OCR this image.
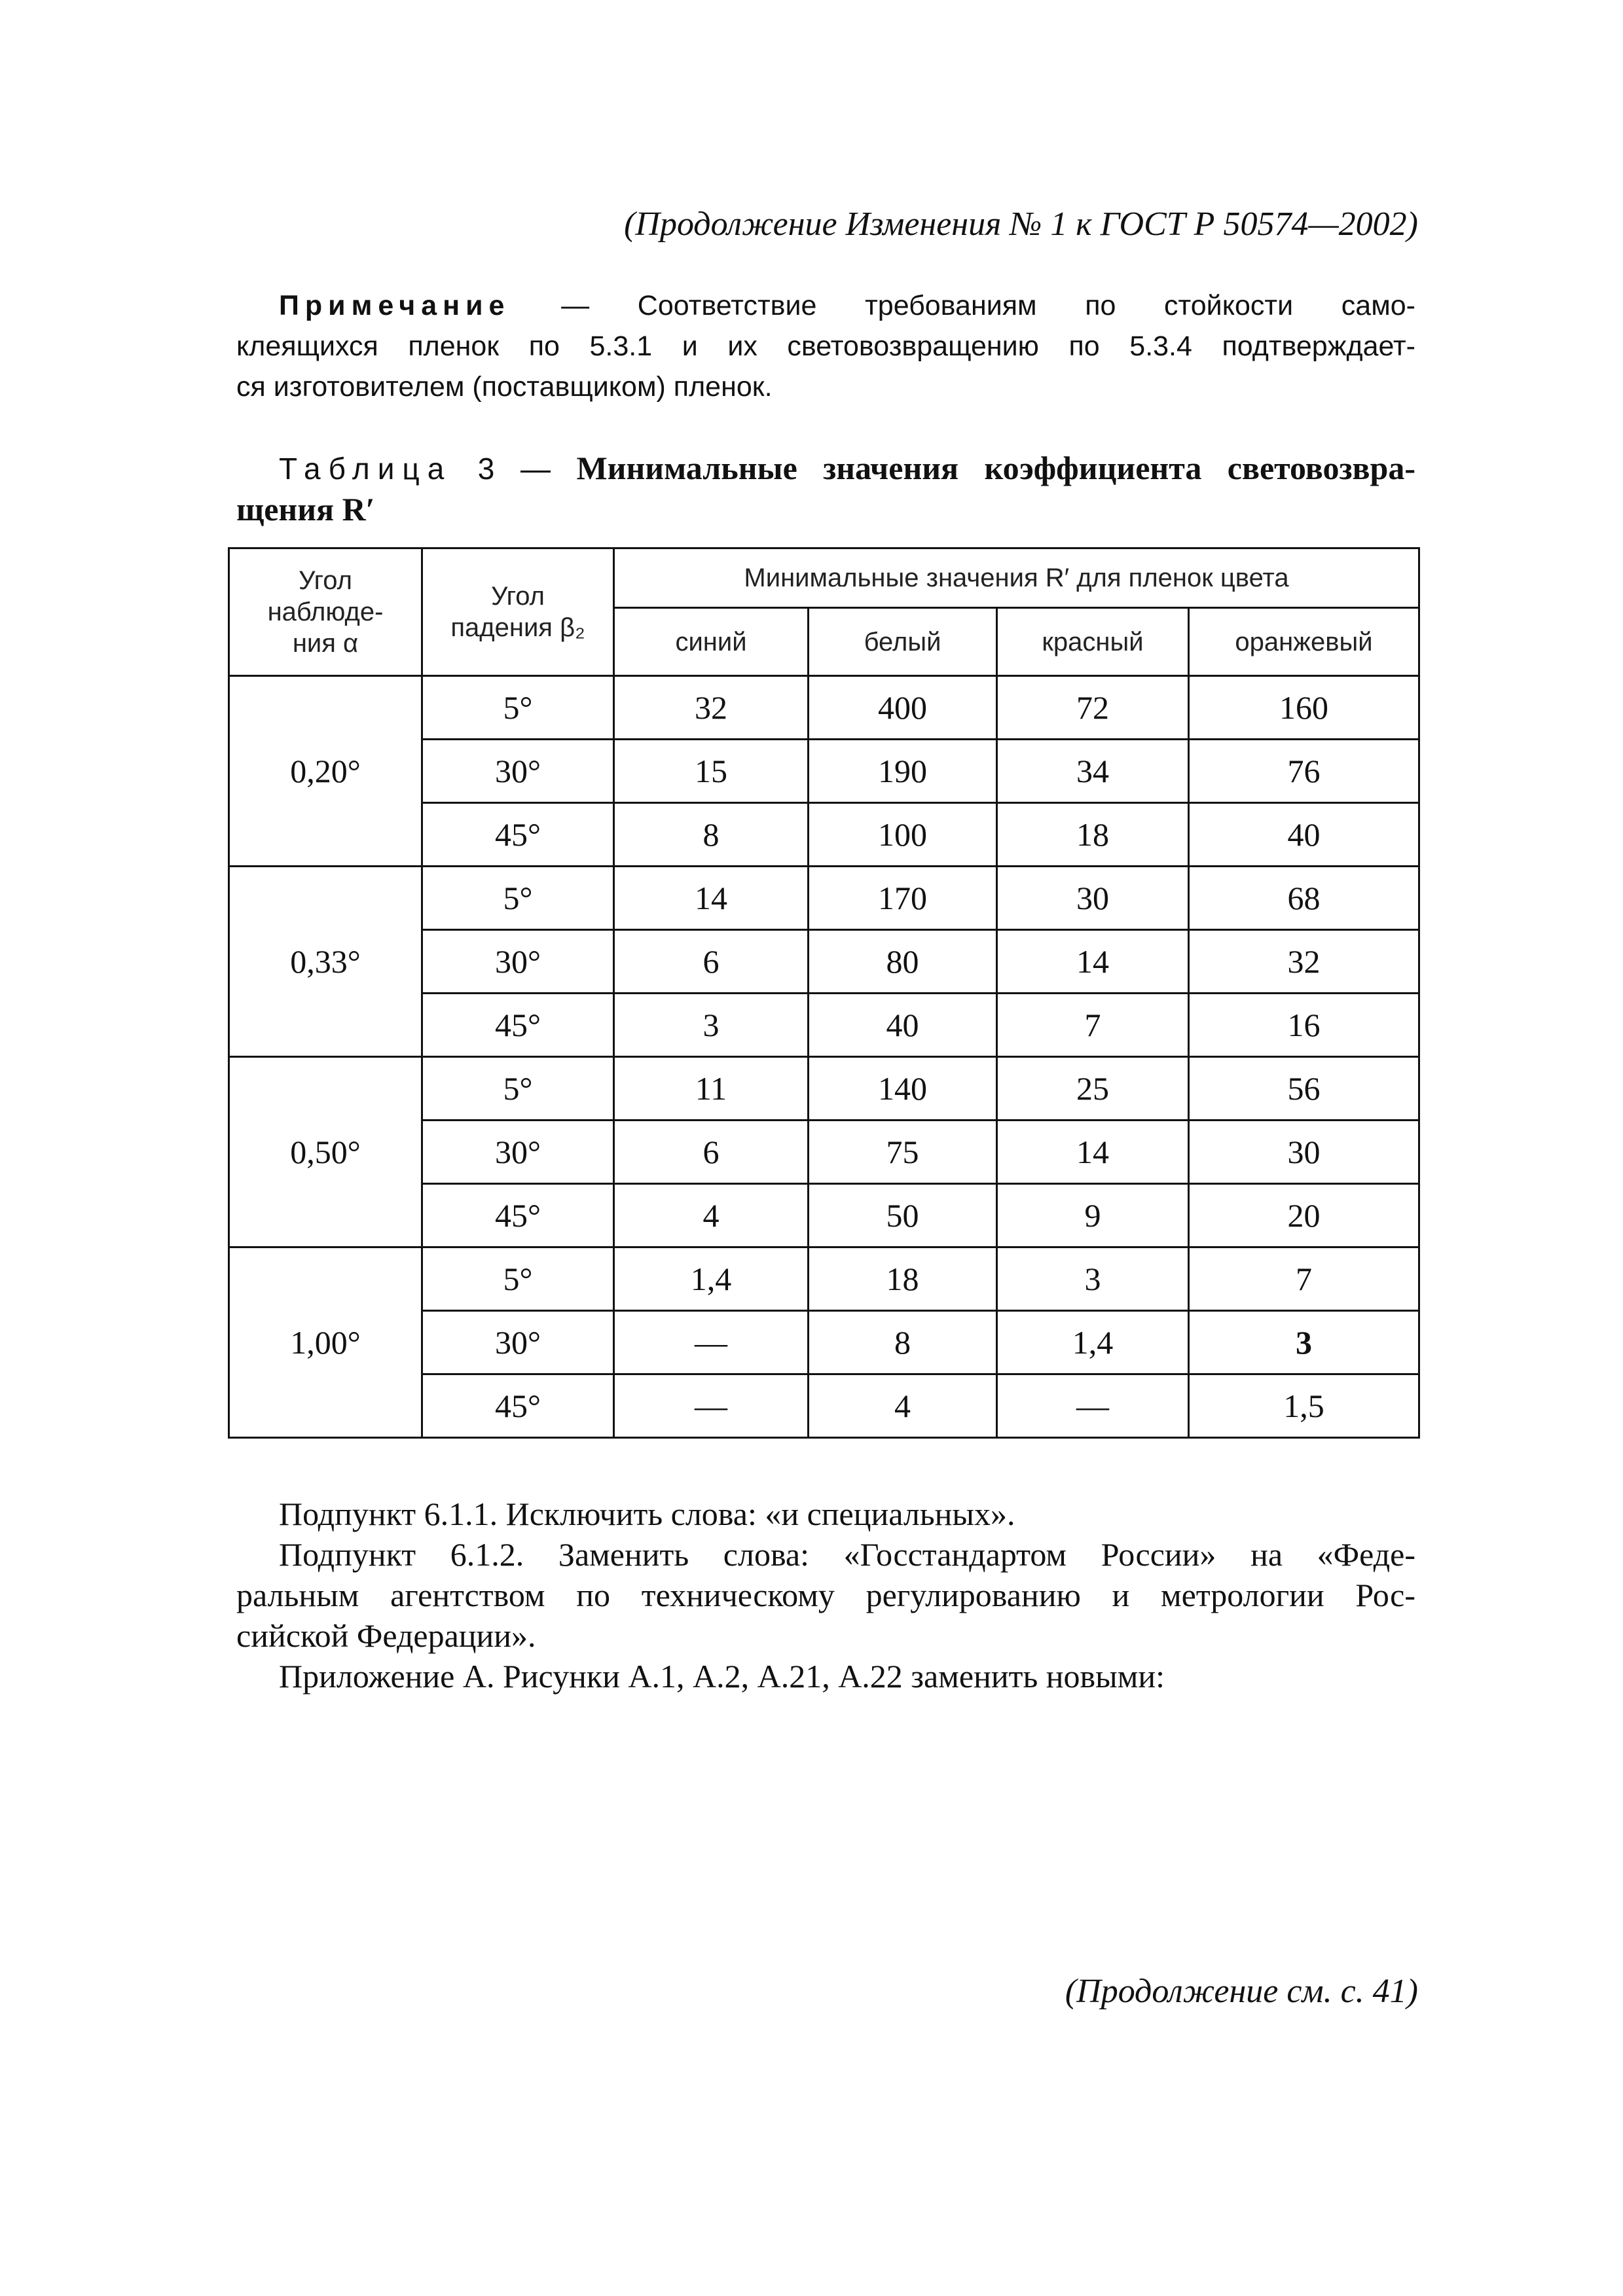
(Продолжение Изменения № 1 к ГОСТ Р 50574—2002)
Примечание — Соответствие требованиям по стойкости само-
клеящихся пленок по 5.3.1 и их световозвращению по 5.3.4 подтверждает-
ся изготовителем (поставщиком) пленок.
Таблица 3 — Минимальные значения коэффициента световозвра-
щения R′
Угол
наблюде-
ния α	Угол
падения β₂	Минимальные значения R′ для пленок цвета			
		синий	белый	красный	оранжевый
0,20°	5°	32	400	72	160
	30°	15	190	34	76
	45°	8	100	18	40
0,33°	5°	14	170	30	68
	30°	6	80	14	32
	45°	3	40	7	16
0,50°	5°	11	140	25	56
	30°	6	75	14	30
	45°	4	50	9	20
1,00°	5°	1,4	18	3	7
	30°	—	8	1,4	3
	45°	—	4	—	1,5
Подпункт 6.1.1. Исключить слова: «и специальных».
Подпункт 6.1.2. Заменить слова: «Госстандартом России» на «Феде-
ральным агентством по техническому регулированию и метрологии Рос-
сийской Федерации».
Приложение А. Рисунки А.1, А.2, А.21, А.22 заменить новыми:
(Продолжение см. с. 41)
